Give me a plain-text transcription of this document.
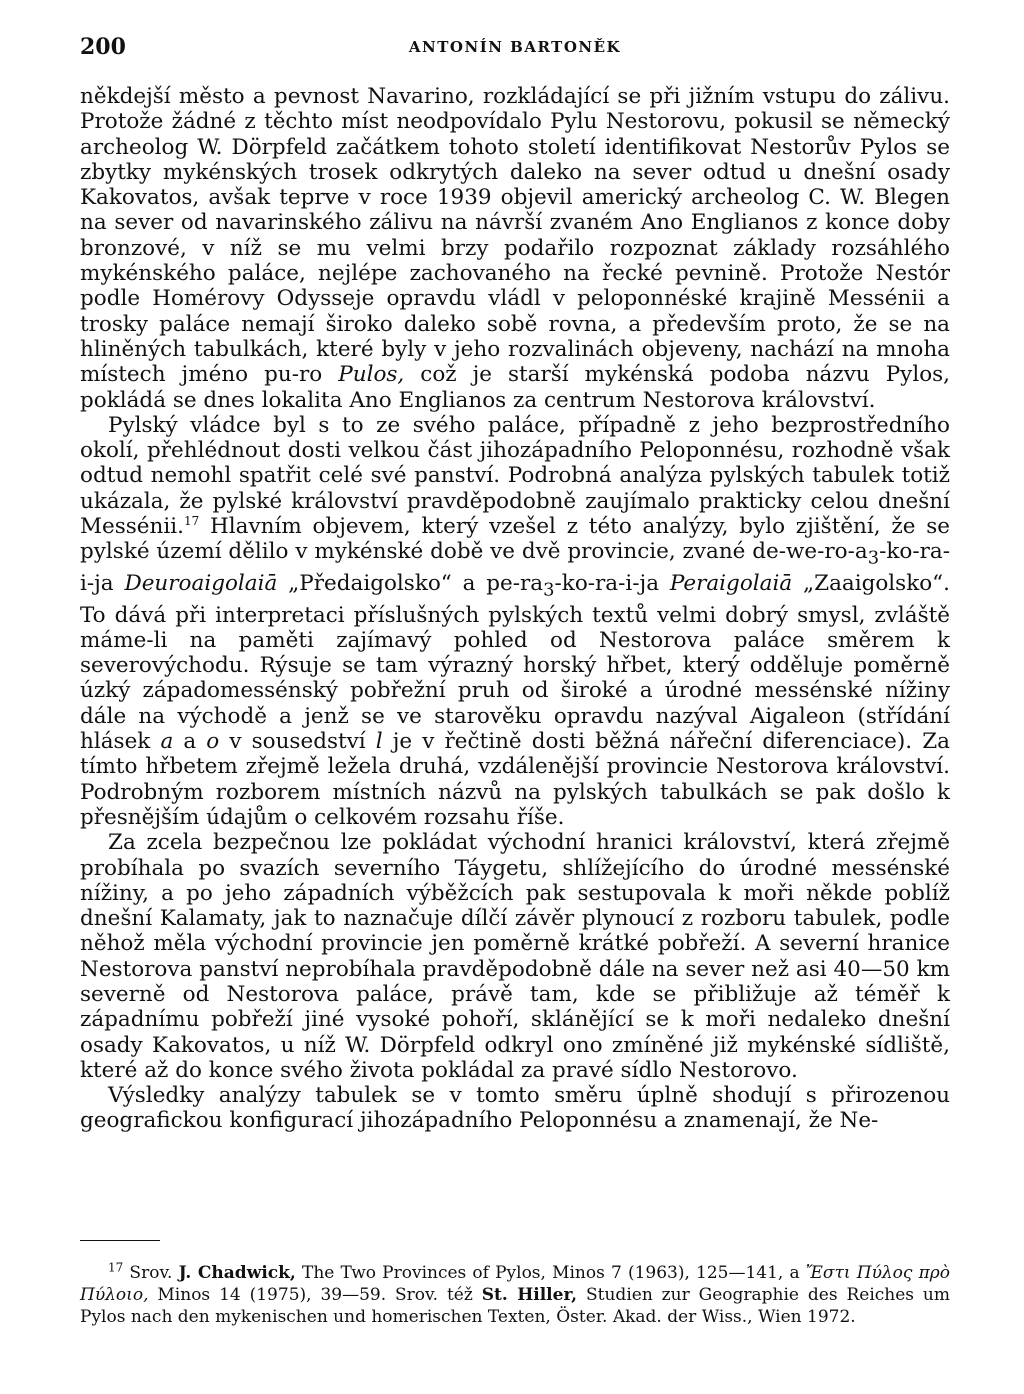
200	ANTONÍN BARTONĚK

někdejší město a pevnost Navarino, rozkládající se při jižním vstupu do zálivu. Protože žádné z těchto míst neodpovídalo Pylu Nestorovu, pokusil se německý archeolog W. Dörpfeld začátkem tohoto století identifikovat Nestorův Pylos se zbytky mykénských trosek odkrytých daleko na sever odtud u dnešní osady Kakovatos, avšak teprve v roce 1939 objevil americký archeolog C. W. Blegen na sever od navarinského zálivu na návrší zvaném Ano Englianos z konce doby bronzové, v níž se mu velmi brzy podařilo rozpoznat základy rozsáhlého mykénského paláce, nejlépe zachovaného na řecké pevnině. Protože Nestór podle Homérovy Odysseje opravdu vládl v peloponnéské krajině Messénii a trosky paláce nemají široko daleko sobě rovna, a především proto, že se na hliněných tabulkách, které byly v jeho rozvalinách objeveny, nachází na mnoha místech jméno pu-ro Pulos, což je starší mykénská podoba názvu Pylos, pokládá se dnes lokalita Ano Englianos za centrum Nestorova království.

Pylský vládce byl s to ze svého paláce, případně z jeho bezprostředního okolí, přehlédnout dosti velkou část jihozápadního Peloponnésu, rozhodně však odtud nemohl spatřit celé své panství. Podrobná analýza pylských tabulek totiž ukázala, že pylské království pravděpodobně zaujímalo prakticky celou dnešní Messénii.$^{17}$ Hlavním objevem, který vzešel z této analýzy, bylo zjištění, že se pylské území dělilo v mykénské době ve dvě provincie, zvané $de-we-ro-a_3-ko-ra-i-ja$ Deuroaigolaiā „Předaigolsko“ a $pe-ra_3-ko-ra-i-ja$ Peraigolaiā „Zaaigolsko“. To dává při interpretaci příslušných pylských textů velmi dobrý smysl, zvláště máme-li na paměti zajímavý pohled od Nestorova paláce směrem k severovýchodu. Rýsuje se tam výrazný horský hřbet, který odděluje poměrně úzký západomessénský pobřežní pruh od široké a úrodné messénské nížiny dále na východě a jenž se ve starověku opravdu nazýval Aigaleon (střídání hlásek a a o v sousedství l je v řečtině dosti běžná nářeční diferenciace). Za tímto hřbetem zřejmě ležela druhá, vzdálenější provincie Nestorova království. Podrobným rozborem místních názvů na pylských tabulkách se pak došlo k přesnějším údajům o celkovém rozsahu říše.

Za zcela bezpečnou lze pokládat východní hranici království, která zřejmě probíhala po svazích severního Táygetu, shlížejícího do úrodné messénské nížiny, a po jeho západních výběžcích pak sestupovala k moři někde poblíž dnešní Kalamaty, jak to naznačuje dílčí závěr plynoucí z rozboru tabulek, podle něhož měla východní provincie jen poměrně krátké pobřeží. A severní hranice Nestorova panství neprobíhala pravděpodobně dále na sever než asi 40—50 km severně od Nestorova paláce, právě tam, kde se přibližuje až téměř k západnímu pobřeží jiné vysoké pohoří, sklánějící se k moři nedaleko dnešní osady Kakovatos, u níž W. Dörpfeld odkryl ono zmíněné již mykénské sídliště, které až do konce svého života pokládal za pravé sídlo Nestorovo.

Výsledky analýzy tabulek se v tomto směru úplně shodují s přirozenou geografickou konfigurací jihozápadního Peloponnésu a znamenají, že Ne-

$^{17}$ Srov. J. Chadwick, The Two Provinces of Pylos, Minos 7 (1963), 125—141, a Ἔστι Πύλος πρὸ Πύλοιο, Minos 14 (1975), 39—59. Srov. též St. Hiller, Studien zur Geographie des Reiches um Pylos nach den mykenischen und homerischen Texten, Öster. Akad. der Wiss., Wien 1972.
